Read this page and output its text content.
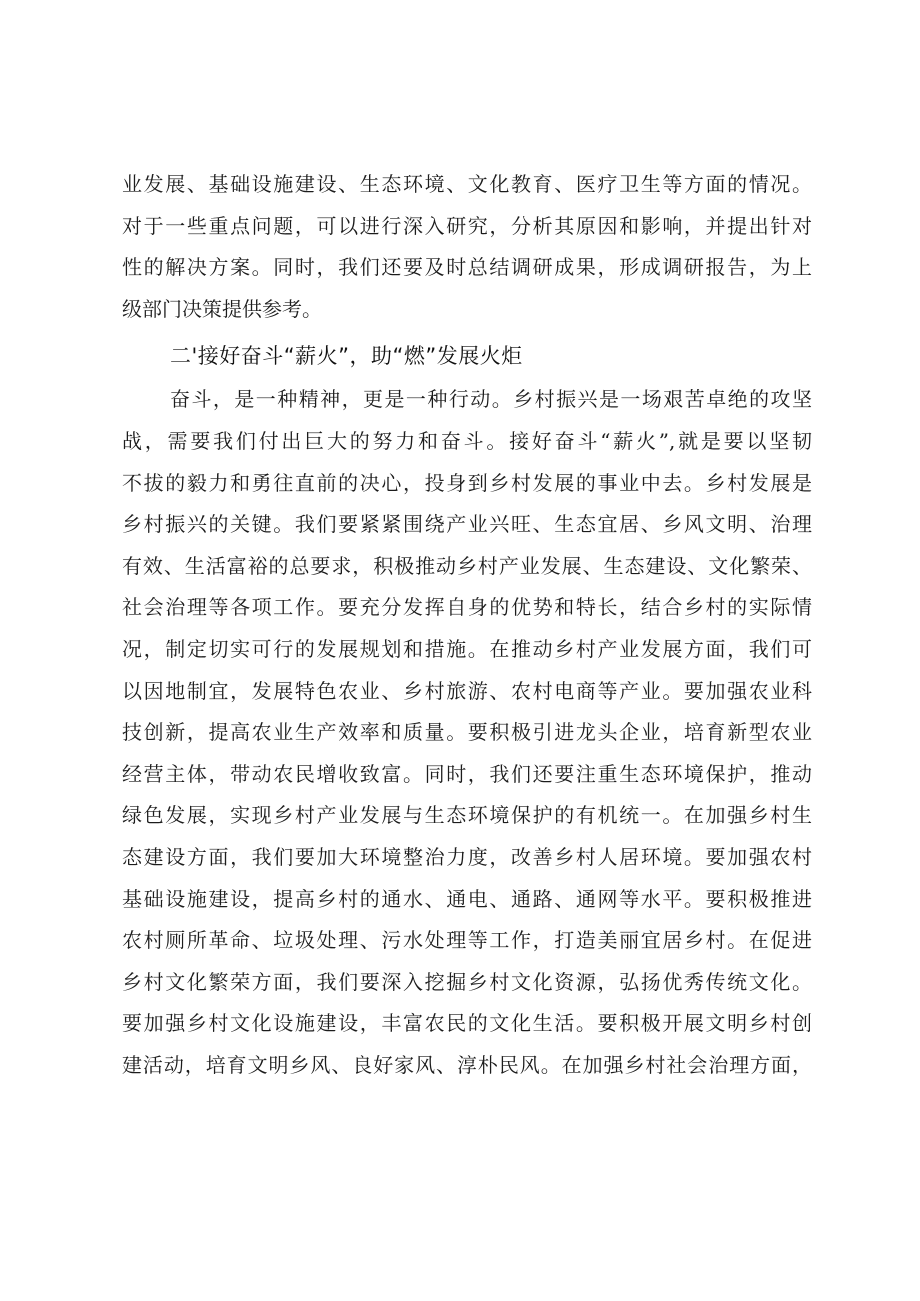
业发展、基础设施建设、生态环境、文化教育、医疗卫生等方面的情况。
对于一些重点问题，可以进行深入研究，分析其原因和影响，并提出针对
性的解决方案。同时，我们还要及时总结调研成果，形成调研报告，为上
级部门决策提供参考。
二'接好奋斗“薪火”，助“燃”发展火炬
奋斗，是一种精神，更是一种行动。乡村振兴是一场艰苦卓绝的攻坚
战，需要我们付出巨大的努力和奋斗。接好奋斗“薪火”,就是要以坚韧
不拔的毅力和勇往直前的决心，投身到乡村发展的事业中去。乡村发展是
乡村振兴的关键。我们要紧紧围绕产业兴旺、生态宜居、乡风文明、治理
有效、生活富裕的总要求，积极推动乡村产业发展、生态建设、文化繁荣、
社会治理等各项工作。要充分发挥自身的优势和特长，结合乡村的实际情
况，制定切实可行的发展规划和措施。在推动乡村产业发展方面，我们可
以因地制宜，发展特色农业、乡村旅游、农村电商等产业。要加强农业科
技创新，提高农业生产效率和质量。要积极引进龙头企业，培育新型农业
经营主体，带动农民增收致富。同时，我们还要注重生态环境保护，推动
绿色发展，实现乡村产业发展与生态环境保护的有机统一。在加强乡村生
态建设方面，我们要加大环境整治力度，改善乡村人居环境。要加强农村
基础设施建设，提高乡村的通水、通电、通路、通网等水平。要积极推进
农村厕所革命、垃圾处理、污水处理等工作，打造美丽宜居乡村。在促进
乡村文化繁荣方面，我们要深入挖掘乡村文化资源，弘扬优秀传统文化。
要加强乡村文化设施建设，丰富农民的文化生活。要积极开展文明乡村创
建活动，培育文明乡风、良好家风、淳朴民风。在加强乡村社会治理方面，
